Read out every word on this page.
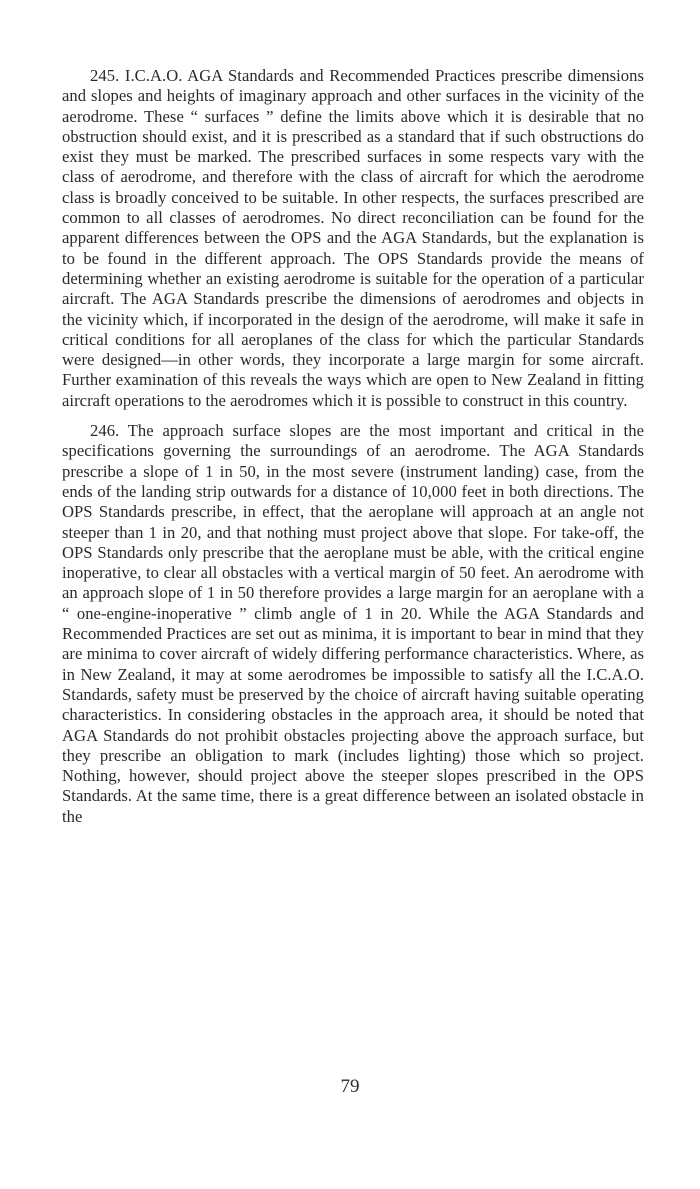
245. I.C.A.O. AGA Standards and Recommended Practices prescribe dimensions and slopes and heights of imaginary approach and other surfaces in the vicinity of the aerodrome. These “ surfaces ” define the limits above which it is desirable that no obstruction should exist, and it is prescribed as a standard that if such obstructions do exist they must be marked. The prescribed surfaces in some respects vary with the class of aerodrome, and therefore with the class of aircraft for which the aerodrome class is broadly conceived to be suitable. In other respects, the surfaces prescribed are common to all classes of aerodromes. No direct reconciliation can be found for the apparent differences between the OPS and the AGA Standards, but the explanation is to be found in the different approach. The OPS Standards provide the means of determining whether an existing aerodrome is suitable for the operation of a particular aircraft. The AGA Standards prescribe the dimensions of aerodromes and objects in the vicinity which, if incorporated in the design of the aerodrome, will make it safe in critical conditions for all aeroplanes of the class for which the particular Standards were designed—in other words, they incorporate a large margin for some aircraft. Further examination of this reveals the ways which are open to New Zealand in fitting aircraft operations to the aerodromes which it is possible to construct in this country.

246. The approach surface slopes are the most important and critical in the specifications governing the surroundings of an aerodrome. The AGA Standards prescribe a slope of 1 in 50, in the most severe (instrument landing) case, from the ends of the landing strip outwards for a distance of 10,000 feet in both directions. The OPS Standards prescribe, in effect, that the aeroplane will approach at an angle not steeper than 1 in 20, and that nothing must project above that slope. For take-off, the OPS Standards only prescribe that the aeroplane must be able, with the critical engine inoperative, to clear all obstacles with a vertical margin of 50 feet. An aerodrome with an approach slope of 1 in 50 therefore provides a large margin for an aeroplane with a “ one-engine-inoperative ” climb angle of 1 in 20. While the AGA Standards and Recommended Practices are set out as minima, it is important to bear in mind that they are minima to cover aircraft of widely differing performance characteristics. Where, as in New Zealand, it may at some aerodromes be impossible to satisfy all the I.C.A.O. Standards, safety must be preserved by the choice of aircraft having suitable operating characteristics. In considering obstacles in the approach area, it should be noted that AGA Standards do not prohibit obstacles projecting above the approach surface, but they prescribe an obligation to mark (includes lighting) those which so project. Nothing, however, should project above the steeper slopes prescribed in the OPS Standards. At the same time, there is a great difference between an isolated obstacle in the

79
